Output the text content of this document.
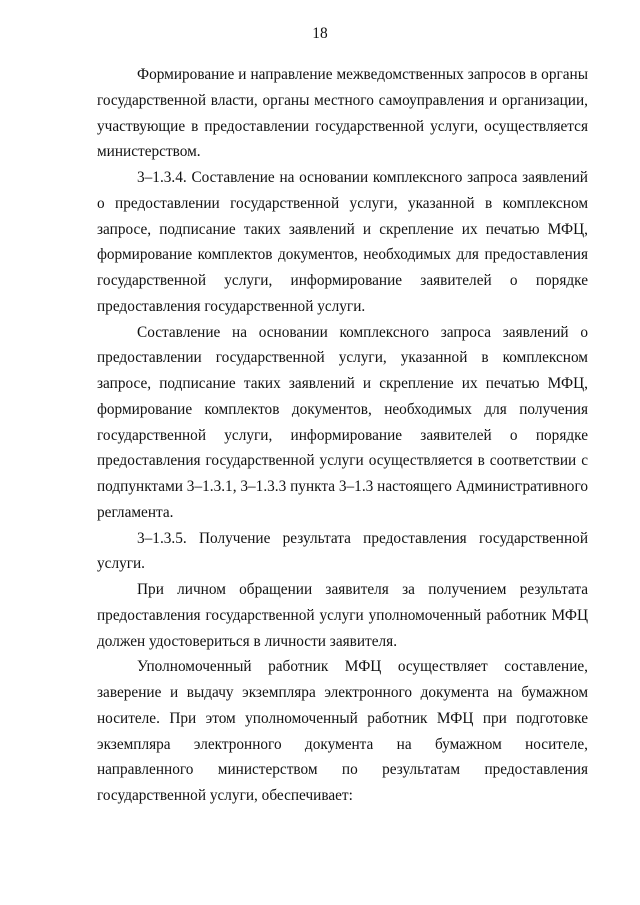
18

Формирование и направление межведомственных запросов в органы государственной власти, органы местного самоуправления и организации, участвующие в предоставлении государственной услуги, осуществляется министерством.

3–1.3.4. Составление на основании комплексного запроса заявлений о предоставлении государственной услуги, указанной в комплексном запросе, подписание таких заявлений и скрепление их печатью МФЦ, формирование комплектов документов, необходимых для предоставления государственной услуги, информирование заявителей о порядке предоставления государственной услуги.

Составление на основании комплексного запроса заявлений о предоставлении государственной услуги, указанной в комплексном запросе, подписание таких заявлений и скрепление их печатью МФЦ, формирование комплектов документов, необходимых для получения государственной услуги, информирование заявителей о порядке предоставления государственной услуги осуществляется в соответствии с подпунктами 3–1.3.1, 3–1.3.3 пункта 3–1.3 настоящего Административного регламента.

3–1.3.5. Получение результата предоставления государственной услуги.

При личном обращении заявителя за получением результата предоставления государственной услуги уполномоченный работник МФЦ должен удостовериться в личности заявителя.

Уполномоченный работник МФЦ осуществляет составление, заверение и выдачу экземпляра электронного документа на бумажном носителе. При этом уполномоченный работник МФЦ при подготовке экземпляра электронного документа на бумажном носителе, направленного министерством по результатам предоставления государственной услуги, обеспечивает:
